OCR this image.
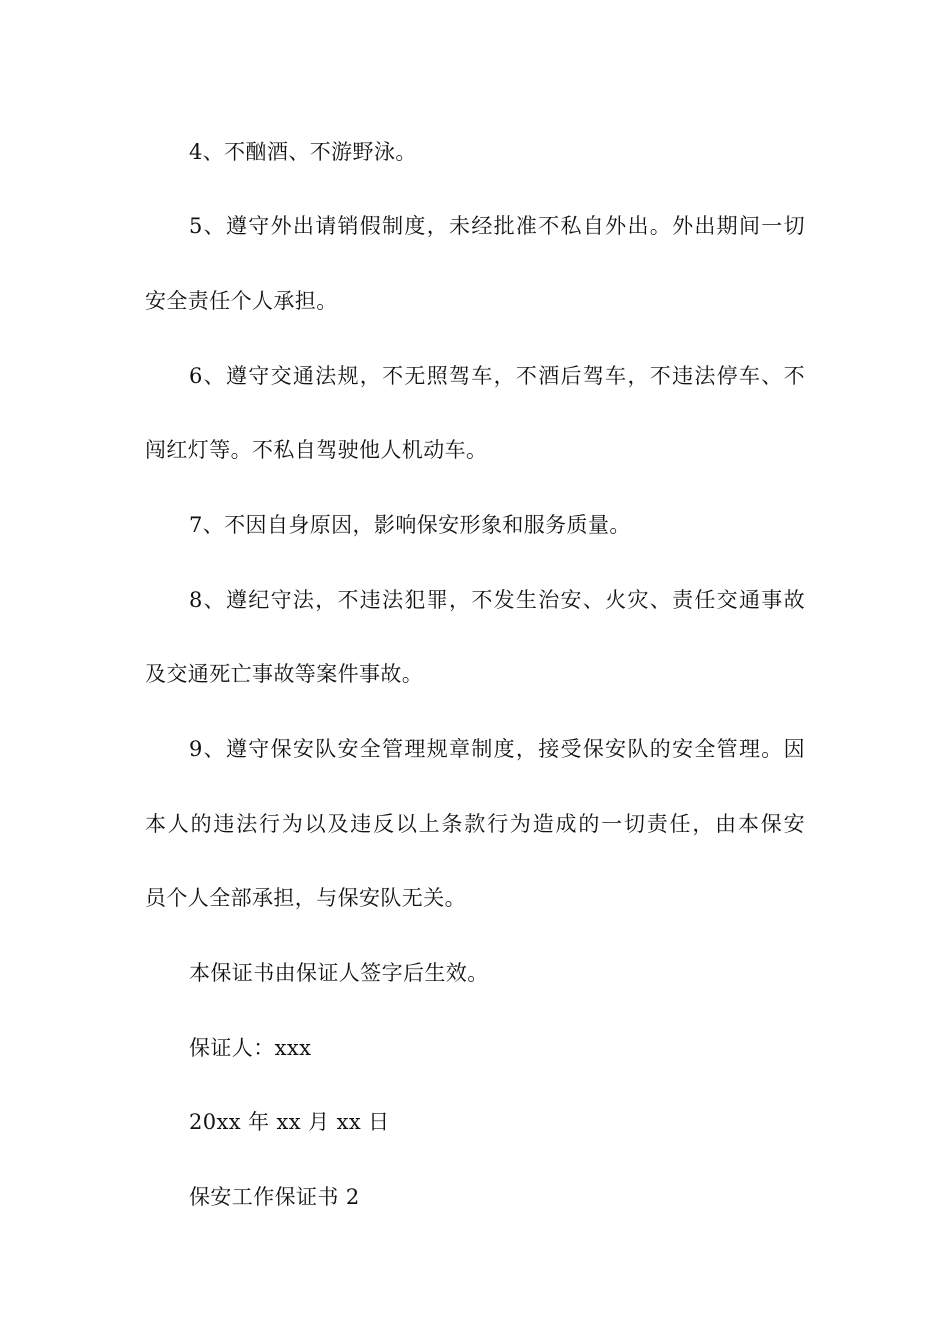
4、不酗酒、不游野泳。
5、遵守外出请销假制度，未经批准不私自外出。外出期间一切
安全责任个人承担。
6、遵守交通法规，不无照驾车，不酒后驾车，不违法停车、不
闯红灯等。不私自驾驶他人机动车。
7、不因自身原因，影响保安形象和服务质量。
8、遵纪守法，不违法犯罪，不发生治安、火灾、责任交通事故
及交通死亡事故等案件事故。
9、遵守保安队安全管理规章制度，接受保安队的安全管理。因
本人的违法行为以及违反以上条款行为造成的一切责任，由本保安
员个人全部承担，与保安队无关。
本保证书由保证人签字后生效。
保证人：xxx
20xx 年 xx 月 xx 日
保安工作保证书 2
